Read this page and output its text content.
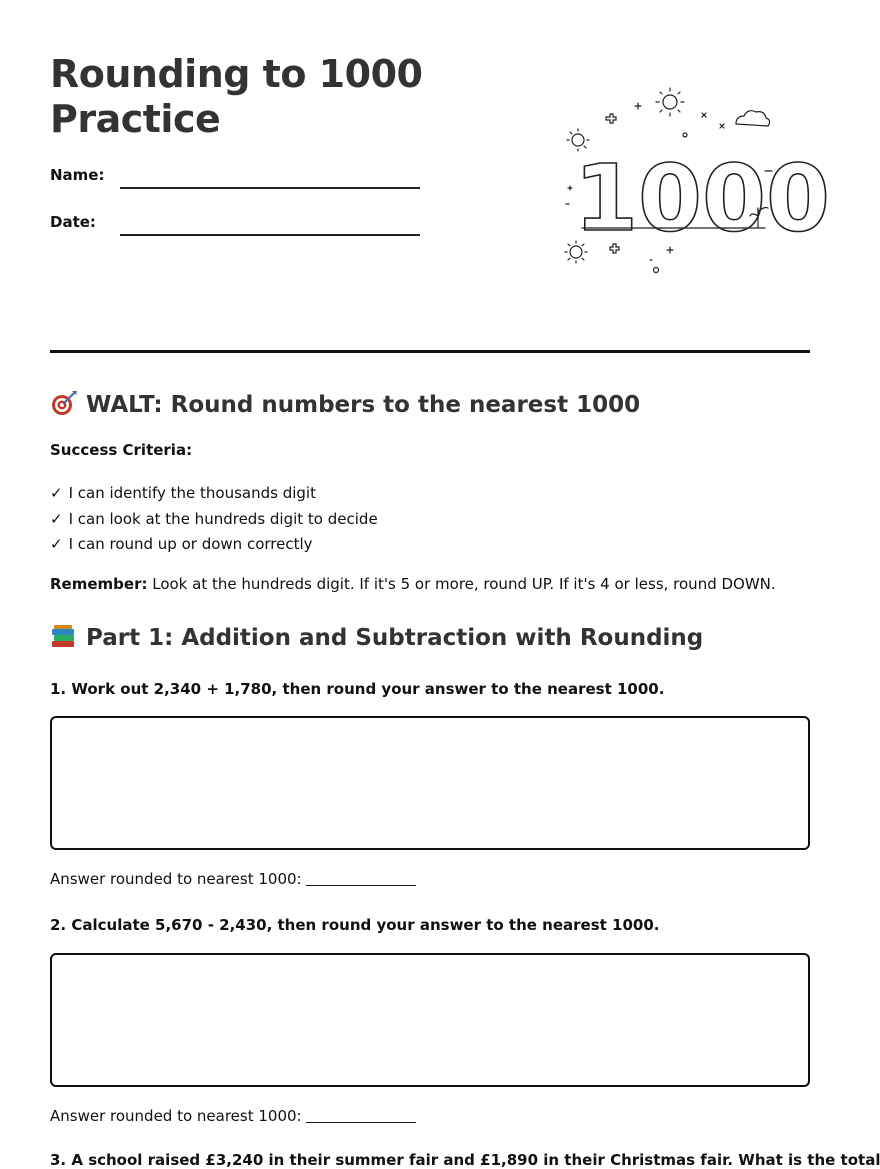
Rounding to 1000
Practice
Name:
Date:	1000
WALT: Round numbers to the nearest 1000
Success Criteria:
✓ I can identify the thousands digit
✓ I can look at the hundreds digit to decide
✓ I can round up or down correctly
Remember: Look at the hundreds digit. If it's 5 or more, round UP. If it's 4 or less, round DOWN.
Part 1: Addition and Subtraction with Rounding
1. Work out 2,340 + 1,780, then round your answer to the nearest 1000.
Answer rounded to nearest 1000:
2. Calculate 5,670 - 2,430, then round your answer to the nearest 1000.
Answer rounded to nearest 1000:
3. A school raised £3,240 in their summer fair and £1,890 in their Christmas fair. What is the total
